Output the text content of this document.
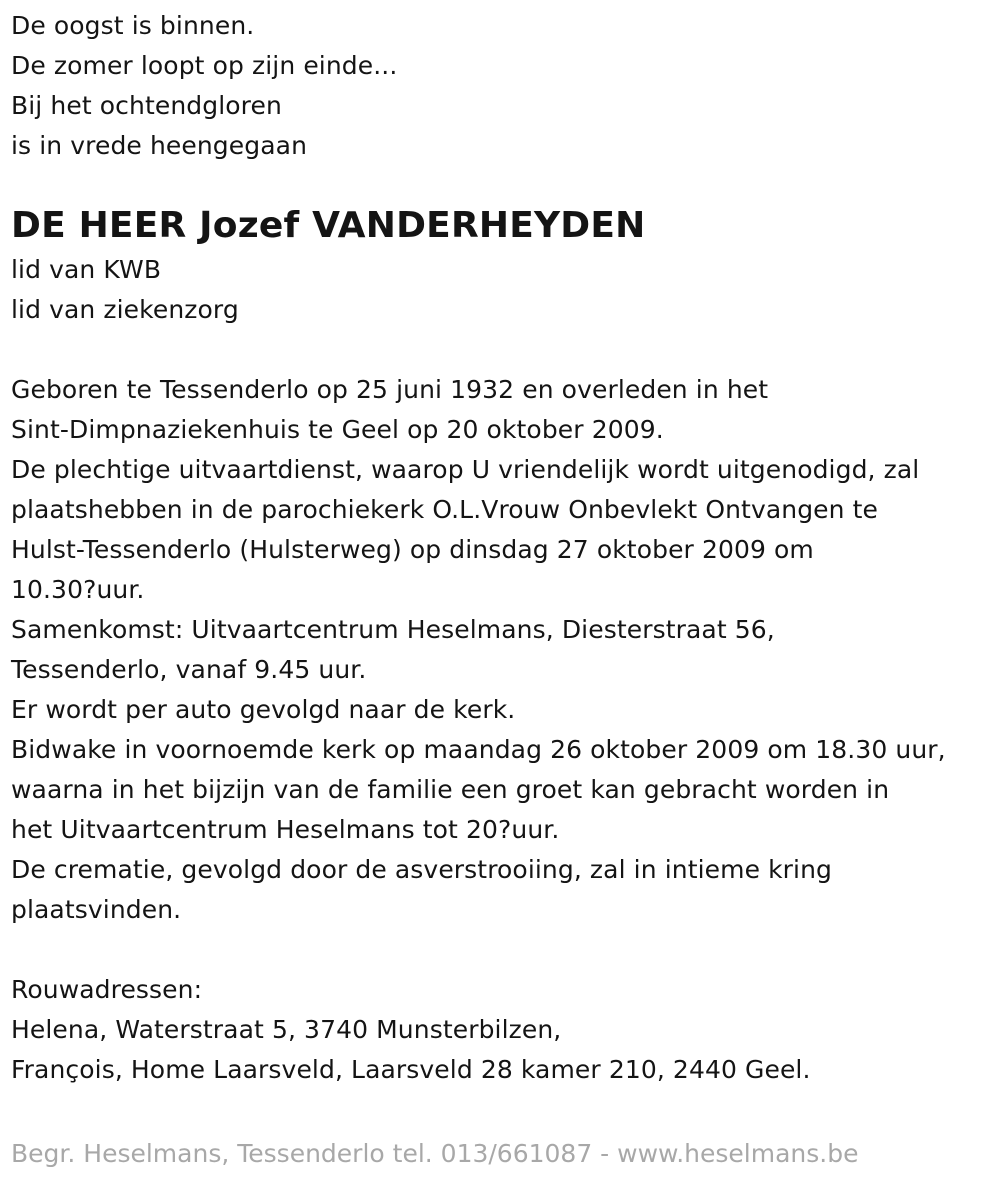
De oogst is binnen.
De zomer loopt op zijn einde...
Bij het ochtendgloren
is in vrede heengegaan
DE HEER Jozef VANDERHEYDEN
lid van KWB
lid van ziekenzorg
Geboren te Tessenderlo op 25 juni 1932 en overleden in het
Sint-Dimpnaziekenhuis te Geel op 20 oktober 2009.
De plechtige uitvaartdienst, waarop U vriendelijk wordt uitgenodigd, zal
plaatshebben in de parochiekerk O.L.Vrouw Onbevlekt Ontvangen te
Hulst-Tessenderlo (Hulsterweg) op dinsdag 27 oktober 2009 om
10.30?uur.
Samenkomst: Uitvaartcentrum Heselmans, Diesterstraat 56,
Tessenderlo, vanaf 9.45 uur.
Er wordt per auto gevolgd naar de kerk.
Bidwake in voornoemde kerk op maandag 26 oktober 2009 om 18.30 uur,
waarna in het bijzijn van de familie een groet kan gebracht worden in
het Uitvaartcentrum Heselmans tot 20?uur.
De crematie, gevolgd door de asverstrooiing, zal in intieme kring
plaatsvinden.
Rouwadressen:
Helena, Waterstraat 5, 3740 Munsterbilzen,
François, Home Laarsveld, Laarsveld 28 kamer 210, 2440 Geel.
Begr. Heselmans, Tessenderlo tel. 013/661087 - www.heselmans.be
